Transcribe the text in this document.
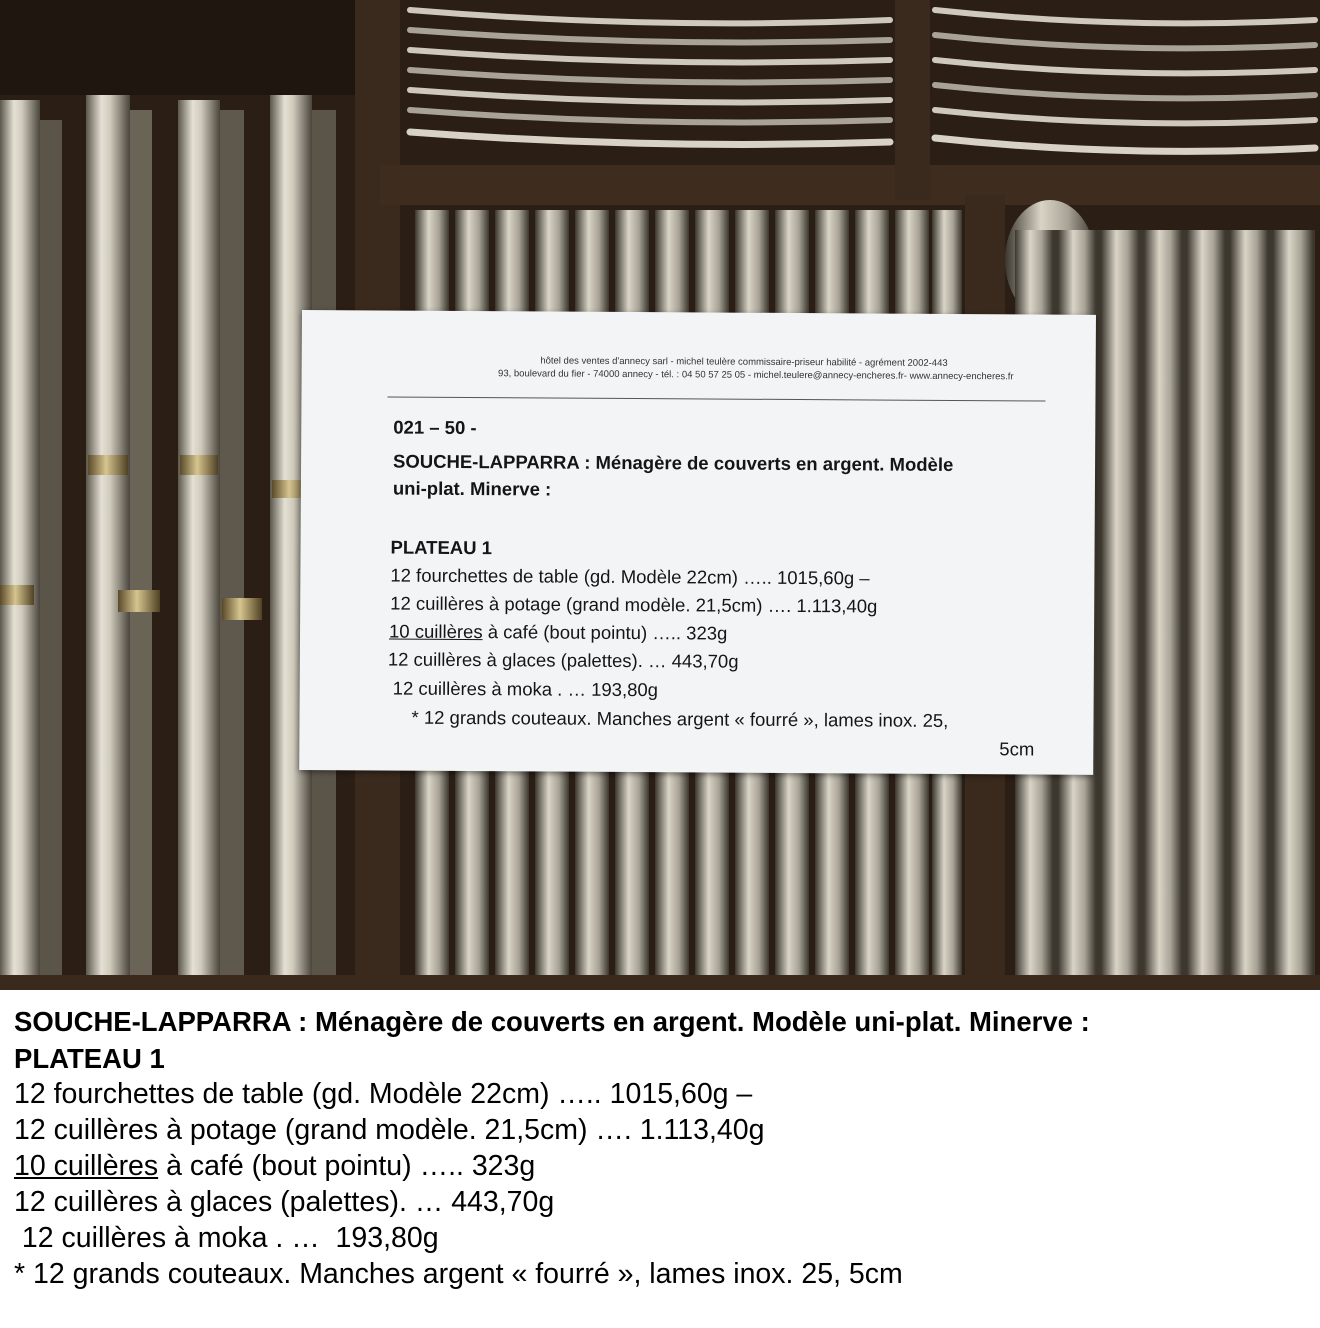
hôtel des ventes d'annecy sarl - michel teulère commissaire-priseur habilité - agrément 2002-443
93, boulevard du fier - 74000 annecy - tél. : 04 50 57 25 05 - michel.teulere@annecy-encheres.fr- www.annecy-encheres.fr
021 – 50 -
SOUCHE-LAPPARRA : Ménagère de couverts en argent. Modèle
uni-plat. Minerve :
PLATEAU 1
12 fourchettes de table (gd. Modèle 22cm) ….. 1015,60g –
12 cuillères à potage (grand modèle. 21,5cm) …. 1.113,40g
10 cuillères à café (bout pointu) ….. 323g
12 cuillères à glaces (palettes). … 443,70g
12 cuillères à moka . … 193,80g
* 12 grands couteaux. Manches argent « fourré », lames inox. 25,
5cm
SOUCHE-LAPPARRA : Ménagère de couverts en argent. Modèle uni-plat. Minerve :
PLATEAU 1
12 fourchettes de table (gd. Modèle 22cm) ….. 1015,60g –
12 cuillères à potage (grand modèle. 21,5cm) …. 1.113,40g
10 cuillères à café (bout pointu) ….. 323g
12 cuillères à glaces (palettes). … 443,70g
12 cuillères à moka . …  193,80g
* 12 grands couteaux. Manches argent « fourré », lames inox. 25, 5cm
